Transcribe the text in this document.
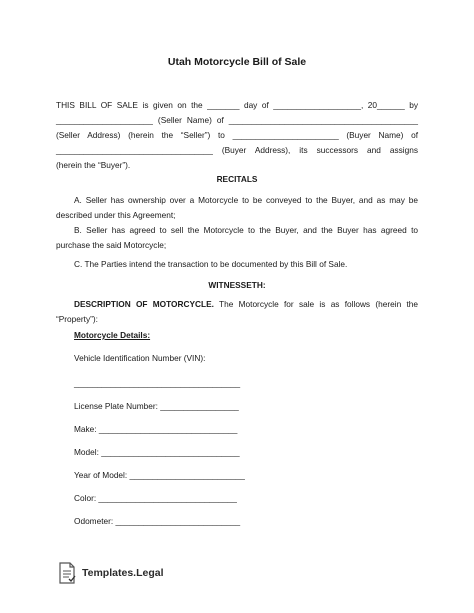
Utah Motorcycle Bill of Sale
THIS BILL OF SALE is given on the _______ day of ___________________, 20______ by
_____________________ (Seller Name) of _________________________________________
(Seller Address) (herein the “Seller”) to _______________________ (Buyer Name) of
__________________________________ (Buyer Address), its successors and assigns
(herein the “Buyer”).
RECITALS
A. Seller has ownership over a Motorcycle to be conveyed to the Buyer, and as may be described under this Agreement;
B. Seller has agreed to sell the Motorcycle to the Buyer, and the Buyer has agreed to purchase the said Motorcycle;
C. The Parties intend the transaction to be documented by this Bill of Sale.
WITNESSETH:
DESCRIPTION OF MOTORCYCLE. The Motorcycle for sale is as follows (herein the “Property”):
Motorcycle Details:
Vehicle Identification Number (VIN):
____________________________________
License Plate Number: _________________
Make: ______________________________
Model: ______________________________
Year of Model: _________________________
Color: ______________________________
Odometer: ___________________________
Templates.Legal
